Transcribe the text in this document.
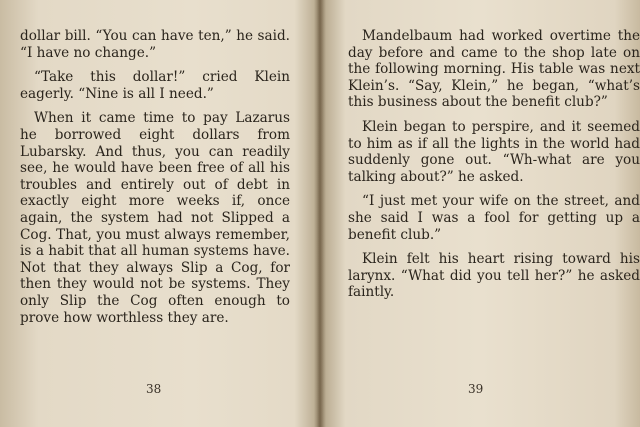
dollar bill. “You can have ten,” he said. “I have no change.”

“Take this dollar!” cried Klein eagerly. “Nine is all I need.”

When it came time to pay Lazarus he borrowed eight dollars from Lubarsky. And thus, you can readily see, he would have been free of all his troubles and entirely out of debt in exactly eight more weeks if, once again, the system had not Slipped a Cog. That, you must always remember, is a habit that all human systems have. Not that they always Slip a Cog, for then they would not be systems. They only Slip the Cog often enough to prove how worthless they are.

38

Mandelbaum had worked overtime the day before and came to the shop late on the following morning. His table was next Klein’s. “Say, Klein,” he began, “what’s this business about the benefit club?”

Klein began to perspire, and it seemed to him as if all the lights in the world had suddenly gone out. “Wh-what are you talking about?” he asked.

“I just met your wife on the street, and she said I was a fool for getting up a benefit club.”

Klein felt his heart rising toward his larynx. “What did you tell her?” he asked faintly.

39
